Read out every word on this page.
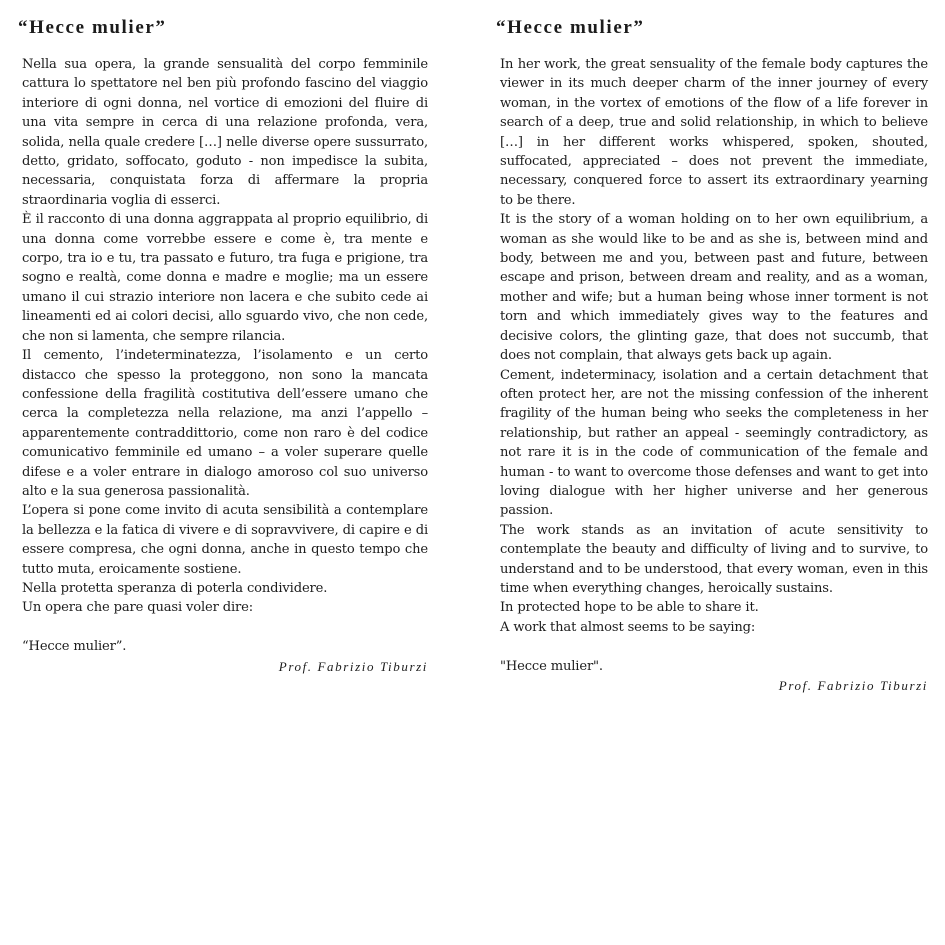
“Hecce mulier”

Nella sua opera, la grande sensualità del corpo femminile cattura lo spettatore nel ben più profondo fascino del viaggio interiore di ogni donna, nel vortice di emozioni del fluire di una vita sempre in cerca di una relazione profonda, vera, solida, nella quale credere […] nelle diverse opere sussurrato, detto, gridato, soffocato, goduto - non impedisce la subita, necessaria, conquistata forza di affermare la propria straordinaria voglia di esserci.

È il racconto di una donna aggrappata al proprio equilibrio, di una donna come vorrebbe essere e come è, tra mente e corpo, tra io e tu, tra passato e futuro, tra fuga e prigione, tra sogno e realtà, come donna e madre e moglie; ma un essere umano il cui strazio interiore non lacera e che subito cede ai lineamenti ed ai colori decisi, allo sguardo vivo, che non cede, che non si lamenta, che sempre rilancia.

Il cemento, l’indeterminatezza, l’isolamento e un certo distacco che spesso la proteggono, non sono la mancata confessione della fragilità costitutiva dell’essere umano che cerca la completezza nella relazione, ma anzi l’appello – apparentemente contraddittorio, come non raro è del codice comunicativo femminile ed umano – a voler superare quelle difese e a voler entrare in dialogo amoroso col suo universo alto e la sua generosa passionalità.

L’opera si pone come invito di acuta sensibilità a contemplare la bellezza e la fatica di vivere e di sopravvivere, di capire e di essere compresa, che ogni donna, anche in questo tempo che tutto muta, eroicamente sostiene.

Nella protetta speranza di poterla condividere.

Un opera che pare quasi voler dire:

“Hecce mulier”.

Prof. Fabrizio Tiburzi

“Hecce mulier”

In her work, the great sensuality of the female body captures the viewer in its much deeper charm of the inner journey of every woman, in the vortex of emotions of the flow of a life forever in search of a deep, true and solid relationship, in which to believe […] in her different works whispered, spoken, shouted, suffocated, appreciated – does not prevent the immediate, necessary, conquered force to assert its extraordinary yearning to be there.

It is the story of a woman holding on to her own equilibrium, a woman as she would like to be and as she is, between mind and body, between me and you, between past and future, between escape and prison, between dream and reality, and as a woman, mother and wife; but a human being whose inner torment is not torn and which immediately gives way to the features and decisive colors, the glinting gaze, that does not succumb, that does not complain, that always gets back up again.

Cement, indeterminacy, isolation and a certain detachment that often protect her, are not the missing confession of the inherent fragility of the human being who seeks the completeness in her relationship, but rather an appeal - seemingly contradictory, as not rare it is in the code of communication of the female and human - to want to overcome those defenses and want to get into loving dialogue with her higher universe and her generous passion.

The work stands as an invitation of acute sensitivity to contemplate the beauty and difficulty of living and to survive, to understand and to be understood, that every woman, even in this time when everything changes, heroically sustains.

In protected hope to be able to share it.

A work that almost seems to be saying:

"Hecce mulier".

Prof. Fabrizio Tiburzi
